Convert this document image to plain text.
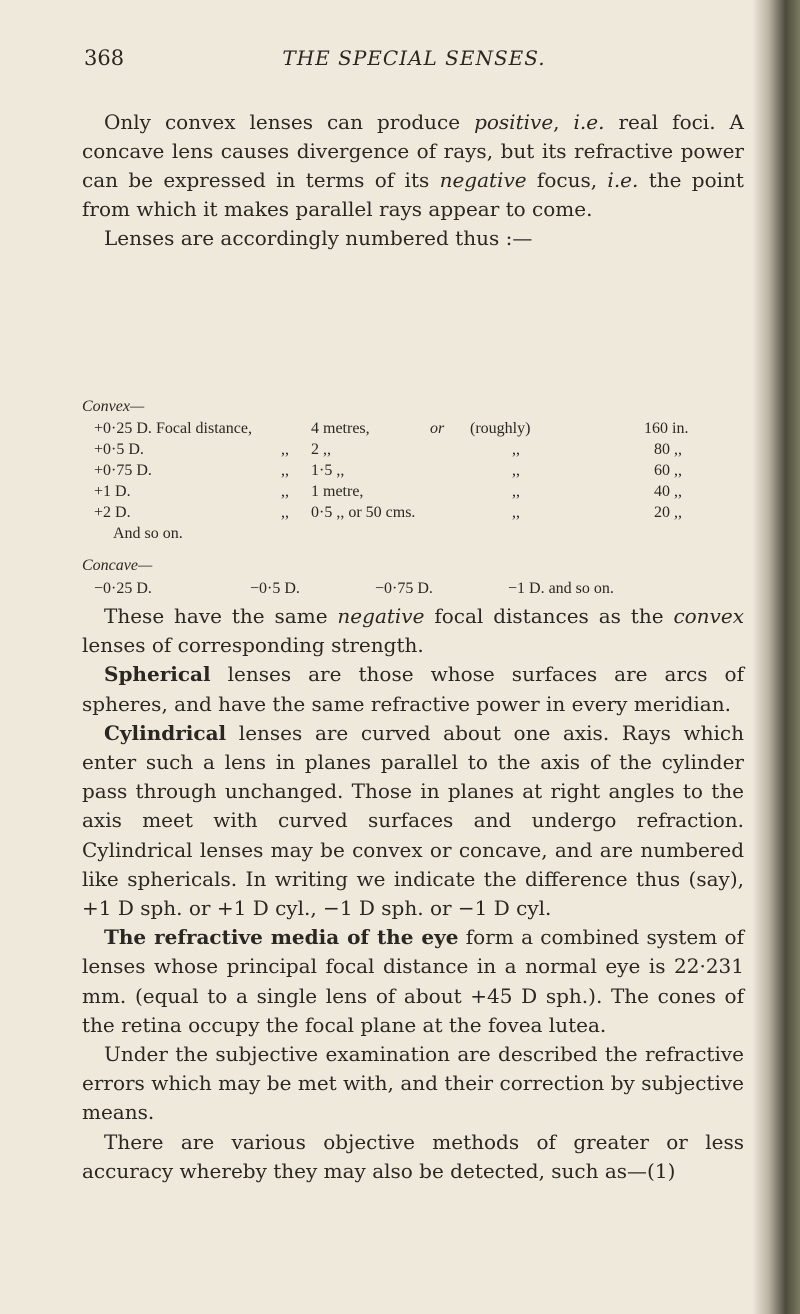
368	THE SPECIAL SENSES.

Only convex lenses can produce positive, i.e. real foci. A concave lens causes divergence of rays, but its refractive power can be expressed in terms of its negative focus, i.e. the point from which it makes parallel rays appear to come.

Lenses are accordingly numbered thus :—

Convex—
+0·25 D. Focal distance,	4 metres,	or (roughly)	160 in.
+0·5 D.	,, 2 ,,	,,	80 ,,
+0·75 D.	,, 1·5 ,,	,,	60 ,,
+1 D.	,, 1 metre,	,,	40 ,,
+2 D.	,, 0·5 ,, or 50 cms.	,,	20 ,,
And so on.
Concave—
−0·25 D.	−0·5 D.	−0·75 D.	−1 D. and so on.

These have the same negative focal distances as the convex lenses of corresponding strength.

Spherical lenses are those whose surfaces are arcs of spheres, and have the same refractive power in every meridian.

Cylindrical lenses are curved about one axis. Rays which enter such a lens in planes parallel to the axis of the cylinder pass through unchanged. Those in planes at right angles to the axis meet with curved surfaces and undergo refraction. Cylindrical lenses may be convex or concave, and are numbered like sphericals. In writing we indicate the difference thus (say), +1 D sph. or +1 D cyl., −1 D sph. or −1 D cyl.

The refractive media of the eye form a combined system of lenses whose principal focal distance in a normal eye is 22·231 mm. (equal to a single lens of about +45 D sph.). The cones of the retina occupy the focal plane at the fovea lutea.

Under the subjective examination are described the refractive errors which may be met with, and their correction by subjective means.

There are various objective methods of greater or less accuracy whereby they may also be detected, such as—(1)
